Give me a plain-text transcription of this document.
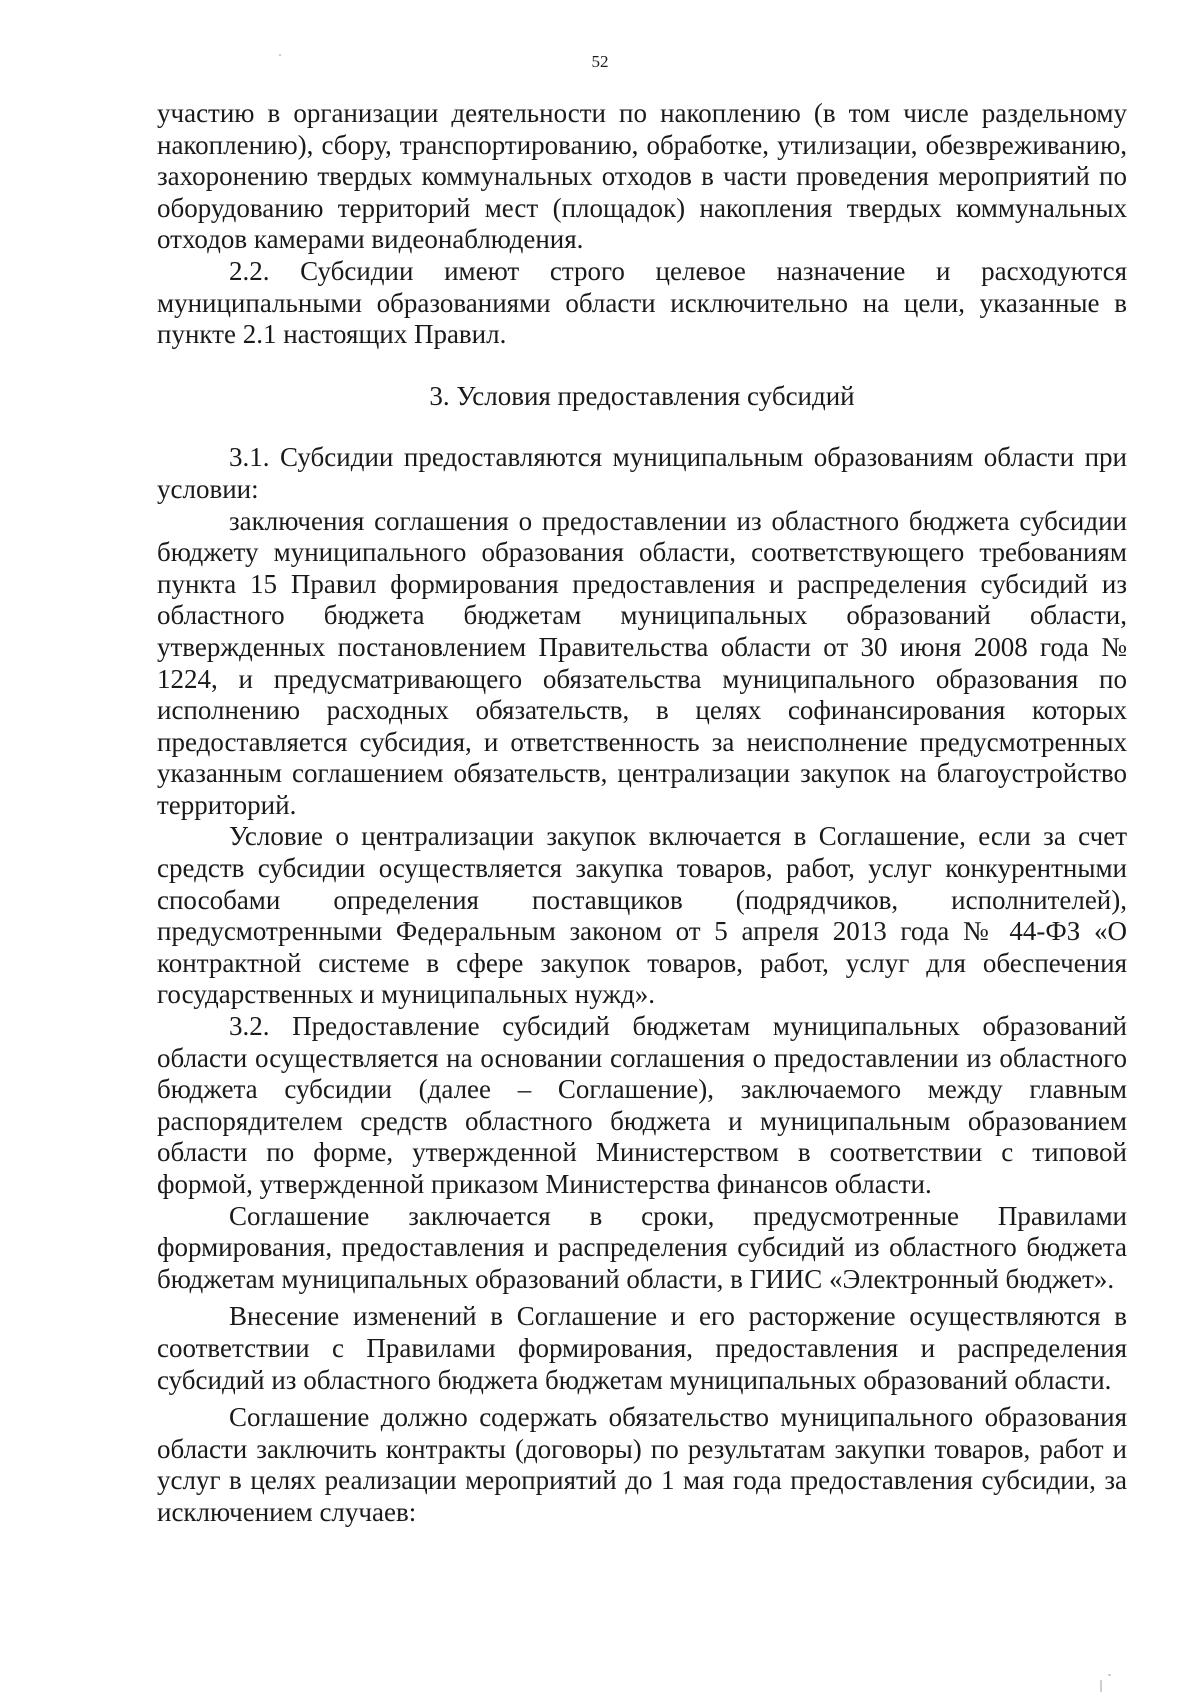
52

участию в организации деятельности по накоплению (в том числе раздельному накоплению), сбору, транспортированию, обработке, утилизации, обезвреживанию, захоронению твердых коммунальных отходов в части проведения мероприятий по оборудованию территорий мест (площадок) накопления твердых коммунальных отходов камерами видеонаблюдения.

2.2. Субсидии имеют строго целевое назначение и расходуются муниципальными образованиями области исключительно на цели, указанные в пункте 2.1 настоящих Правил.

3. Условия предоставления субсидий

3.1. Субсидии предоставляются муниципальным образованиям области при условии:

заключения соглашения о предоставлении из областного бюджета субсидии бюджету муниципального образования области, соответствующего требованиям пункта 15 Правил формирования предоставления и распределения субсидий из областного бюджета бюджетам муниципальных образований области, утвержденных постановлением Правительства области от 30 июня 2008 года № 1224, и предусматривающего обязательства муниципального образования по исполнению расходных обязательств, в целях софинансирования которых предоставляется субсидия, и ответственность за неисполнение предусмотренных указанным соглашением обязательств, централизации закупок на благоустройство территорий.

Условие о централизации закупок включается в Соглашение, если за счет средств субсидии осуществляется закупка товаров, работ, услуг конкурентными способами определения поставщиков (подрядчиков, исполнителей), предусмотренными Федеральным законом от 5 апреля 2013 года № 44-ФЗ «О контрактной системе в сфере закупок товаров, работ, услуг для обеспечения государственных и муниципальных нужд».

3.2. Предоставление субсидий бюджетам муниципальных образований области осуществляется на основании соглашения о предоставлении из областного бюджета субсидии (далее – Соглашение), заключаемого между главным распорядителем средств областного бюджета и муниципальным образованием области по форме, утвержденной Министерством в соответствии с типовой формой, утвержденной приказом Министерства финансов области.

Соглашение заключается в сроки, предусмотренные Правилами формирования, предоставления и распределения субсидий из областного бюджета бюджетам муниципальных образований области, в ГИИС «Электронный бюджет».

Внесение изменений в Соглашение и его расторжение осуществляются в соответствии с Правилами формирования, предоставления и распределения субсидий из областного бюджета бюджетам муниципальных образований области.

Соглашение должно содержать обязательство муниципального образования области заключить контракты (договоры) по результатам закупки товаров, работ и услуг в целях реализации мероприятий до 1 мая года предоставления субсидии, за исключением случаев:
